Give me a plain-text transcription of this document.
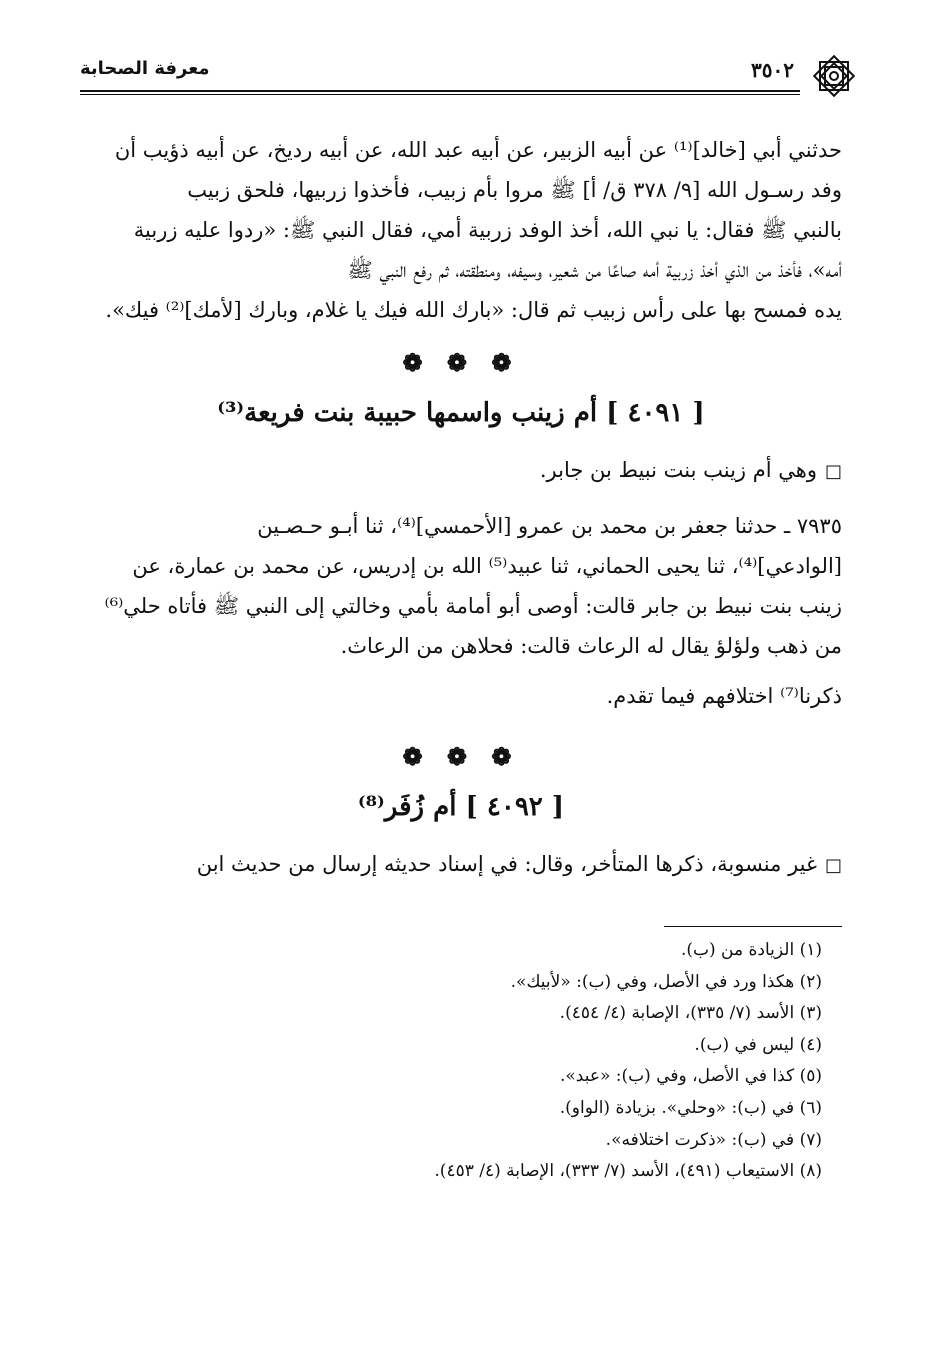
٣٥٠٢
معرفة الصحابة

حدثني أبي [خالد]⁽¹⁾ عن أبيه الزبير، عن أبيه عبد الله، عن أبيه رديخ، عن أبيه ذؤيب أن

وفد رسـول الله [٩/ ٣٧٨ ق/ أ] ﷺ مروا بأم زبيب، فأخذوا زربيها، فلحق زبيب

بالنبي ﷺ فقال: يا نبي الله، أخذ الوفد زربية أمي، فقال النبي ﷺ: «ردوا عليه زربية

أمه»، فأخذ من الذي أخذ زربية أمه صاعًا من شعير، وسيفه، ومنطقته، ثم رفع النبي ﷺ

يده فمسح بها على رأس زبيب ثم قال: «بارك الله فيك يا غلام، وبارك [لأمك]⁽²⁾ فيك».

❁ ❁ ❁
[ ٤٠٩١ ] أم زينب واسمها حبيبة بنت فريعة⁽³⁾

□وهي أم زينب بنت نبيط بن جابر.

٧٩٣٥ ـ حدثنا جعفر بن محمد بن عمرو [الأحمسي]⁽⁴⁾، ثنا أبـو حـصـين

[الوادعي]⁽⁴⁾، ثنا يحيى الحماني، ثنا عبيد⁽⁵⁾ الله بن إدريس، عن محمد بن عمارة، عن

زينب بنت نبيط بن جابر قالت: أوصى أبو أمامة بأمي وخالتي إلى النبي ﷺ فأتاه حلي⁽⁶⁾

من ذهب ولؤلؤ يقال له الرعاث قالت: فحلاهن من الرعاث.

ذكرنا⁽⁷⁾ اختلافهم فيما تقدم.

❁ ❁ ❁
[ ٤٠٩٢ ] أم زُفَر⁽⁸⁾

□غير منسوبة، ذكرها المتأخر، وقال: في إسناد حديثه إرسال من حديث ابن

(١) الزيادة من (ب).
(٢) هكذا ورد في الأصل، وفي (ب): «لأبيك».
(٣) الأسد (٧/ ٣٣٥)، الإصابة (٤/ ٤٥٤).
(٤) ليس في (ب).
(٥) كذا في الأصل، وفي (ب): «عبد».
(٦) في (ب): «وحلي». بزيادة (الواو).
(٧) في (ب): «ذكرت اختلافه».
(٨) الاستيعاب (٤٩١)، الأسد (٧/ ٣٣٣)، الإصابة (٤/ ٤٥٣).
